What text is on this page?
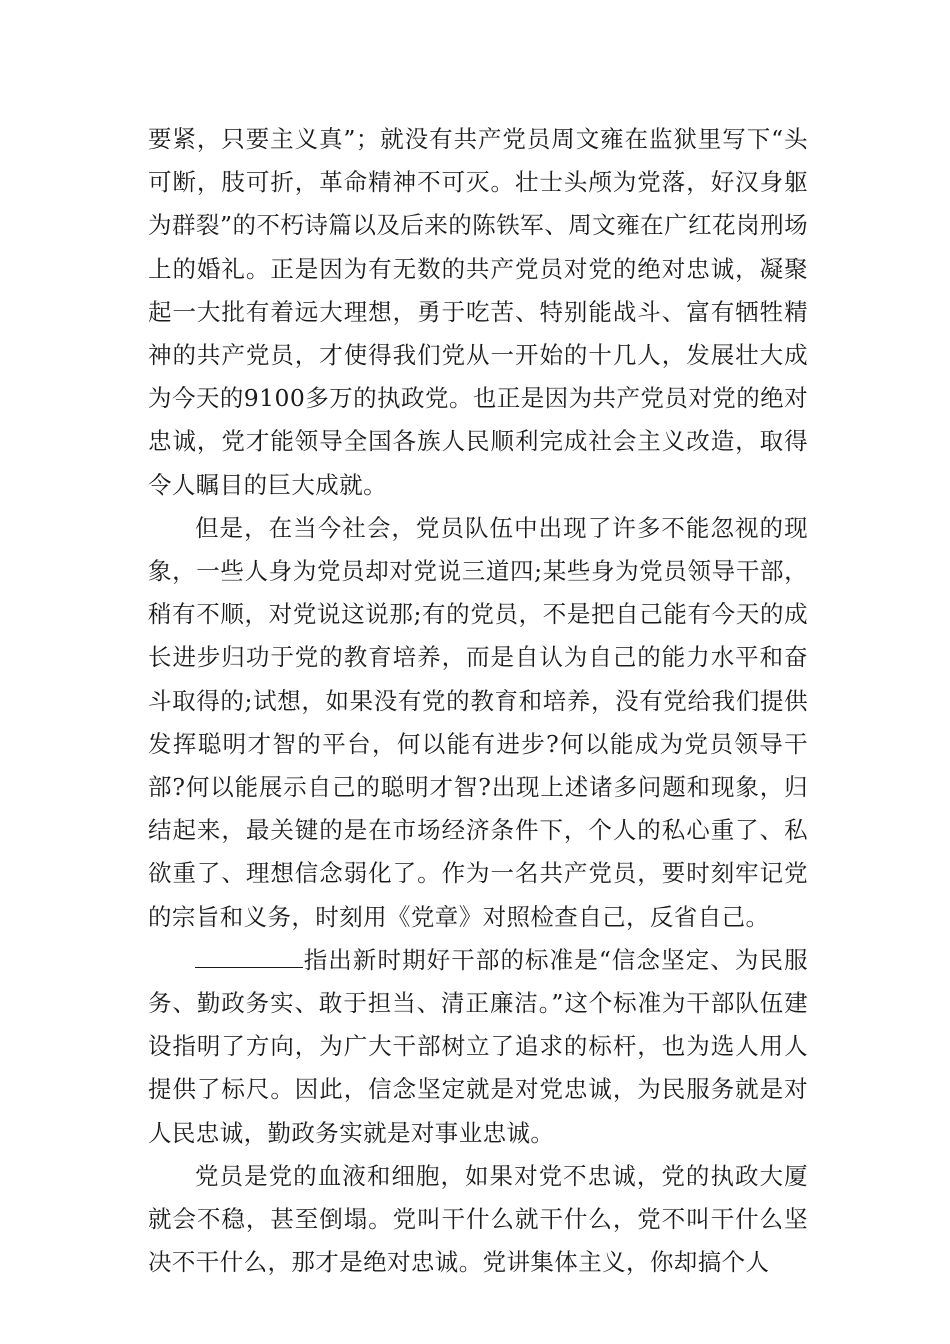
要紧，只要主义真”；就没有共产党员周文雍在监狱里写下“头可断，肢可折，革命精神不可灭。壮士头颅为党落，好汉身躯为群裂”的不朽诗篇以及后来的陈铁军、周文雍在广红花岗刑场上的婚礼。正是因为有无数的共产党员对党的绝对忠诚，凝聚起一大批有着远大理想，勇于吃苦、特别能战斗、富有牺牲精神的共产党员，才使得我们党从一开始的十几人，发展壮大成为今天的9100多万的执政党。也正是因为共产党员对党的绝对忠诚，党才能领导全国各族人民顺利完成社会主义改造，取得令人瞩目的巨大成就。

但是，在当今社会，党员队伍中出现了许多不能忽视的现象，一些人身为党员却对党说三道四;某些身为党员领导干部，稍有不顺，对党说这说那;有的党员，不是把自己能有今天的成长进步归功于党的教育培养，而是自认为自己的能力水平和奋斗取得的;试想，如果没有党的教育和培养，没有党给我们提供发挥聪明才智的平台，何以能有进步?何以能成为党员领导干部?何以能展示自己的聪明才智?出现上述诸多问题和现象，归结起来，最关键的是在市场经济条件下，个人的私心重了、私欲重了、理想信念弱化了。作为一名共产党员，要时刻牢记党的宗旨和义务，时刻用《党章》对照检查自己，反省自己。

指出新时期好干部的标准是“信念坚定、为民服务、勤政务实、敢于担当、清正廉洁。”这个标准为干部队伍建设指明了方向，为广大干部树立了追求的标杆，也为选人用人提供了标尺。因此，信念坚定就是对党忠诚，为民服务就是对人民忠诚，勤政务实就是对事业忠诚。

党员是党的血液和细胞，如果对党不忠诚，党的执政大厦就会不稳，甚至倒塌。党叫干什么就干什么，党不叫干什么坚决不干什么，那才是绝对忠诚。党讲集体主义，你却搞个人
